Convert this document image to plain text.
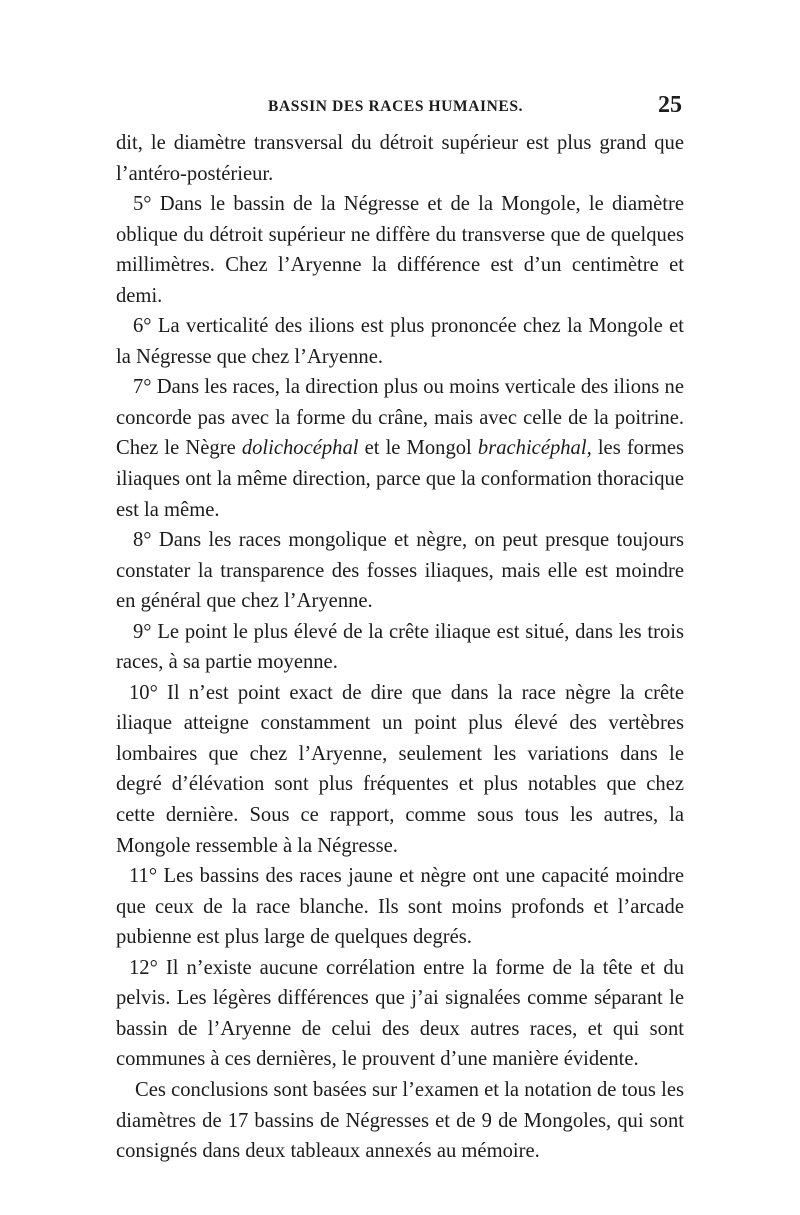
BASSIN DES RACES HUMAINES.	25

dit, le diamètre transversal du détroit supérieur est plus grand que l’antéro-postérieur.

5° Dans le bassin de la Négresse et de la Mongole, le diamètre oblique du détroit supérieur ne diffère du transverse que de quelques millimètres. Chez l’Aryenne la différence est d’un centimètre et demi.

6° La verticalité des ilions est plus prononcée chez la Mongole et la Négresse que chez l’Aryenne.

7° Dans les races, la direction plus ou moins verticale des ilions ne concorde pas avec la forme du crâne, mais avec celle de la poitrine. Chez le Nègre dolichocéphal et le Mongol brachicéphal, les formes iliaques ont la même direction, parce que la conformation thoracique est la même.

8° Dans les races mongolique et nègre, on peut presque toujours constater la transparence des fosses iliaques, mais elle est moindre en général que chez l’Aryenne.

9° Le point le plus élevé de la crête iliaque est situé, dans les trois races, à sa partie moyenne.

10° Il n’est point exact de dire que dans la race nègre la crête iliaque atteigne constamment un point plus élevé des vertèbres lombaires que chez l’Aryenne, seulement les variations dans le degré d’élévation sont plus fréquentes et plus notables que chez cette dernière. Sous ce rapport, comme sous tous les autres, la Mongole ressemble à la Négresse.

11° Les bassins des races jaune et nègre ont une capacité moindre que ceux de la race blanche. Ils sont moins profonds et l’arcade pubienne est plus large de quelques degrés.

12° Il n’existe aucune corrélation entre la forme de la tête et du pelvis. Les légères différences que j’ai signalées comme séparant le bassin de l’Aryenne de celui des deux autres races, et qui sont communes à ces dernières, le prouvent d’une manière évidente.

Ces conclusions sont basées sur l’examen et la notation de tous les diamètres de 17 bassins de Négresses et de 9 de Mongoles, qui sont consignés dans deux tableaux annexés au mémoire.
